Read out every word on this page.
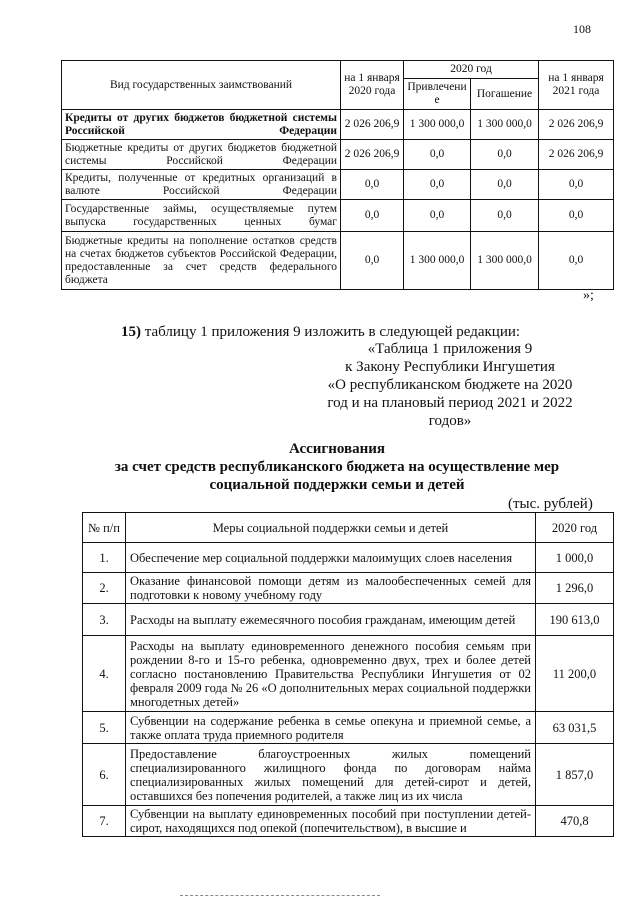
108
Вид государственных заимствований	на 1 января 2020 года	2020 год		на 1 января 2021 года
		Привлечение	Погашение	
Кредиты от других бюджетов бюджетной системы Российской Федерации	2 026 206,9	1 300 000,0	1 300 000,0	2 026 206,9
Бюджетные кредиты от других бюджетов бюджетной системы Российской Федерации	2 026 206,9	0,0	0,0	2 026 206,9
Кредиты, полученные от кредитных организаций в валюте Российской Федерации	0,0	0,0	0,0	0,0
Государственные займы, осуществляемые путем выпуска государственных ценных бумаг	0,0	0,0	0,0	0,0
Бюджетные кредиты на пополнение остатков средств на счетах бюджетов субъектов Российской Федерации, предоставленные за счет средств федерального бюджета	0,0	1 300 000,0	1 300 000,0	0,0
»;
15) таблицу 1 приложения 9 изложить в следующей редакции:
«Таблица 1 приложения 9
к Закону Республики Ингушетия
«О республиканском бюджете на 2020
год и на плановый период 2021 и 2022
годов»
Ассигнования
за счет средств республиканского бюджета на осуществление мер
социальной поддержки семьи и детей
(тыс. рублей)
№ п/п	Меры социальной поддержки семьи и детей	2020 год
1.	Обеспечение мер социальной поддержки малоимущих слоев населения	1 000,0
2.	Оказание финансовой помощи детям из малообеспеченных семей для подготовки к новому учебному году	1 296,0
3.	Расходы на выплату ежемесячного пособия гражданам, имеющим детей	190 613,0
4.	Расходы на выплату единовременного денежного пособия семьям при рождении 8-го и 15-го ребенка, одновременно двух, трех и более детей согласно постановлению Правительства Республики Ингушетия от 02 февраля 2009 года № 26 «О дополнительных мерах социальной поддержки многодетных детей»	11 200,0
5.	Субвенции на содержание ребенка в семье опекуна и приемной семье, а также оплата труда приемного родителя	63 031,5
6.	Предоставление благоустроенных жилых помещений специализированного жилищного фонда по договорам найма специализированных жилых помещений для детей-сирот и детей, оставшихся без попечения родителей, а также лиц из их числа	1 857,0
7.	Субвенции на выплату единовременных пособий при поступлении детей-сирот, находящихся под опекой (попечительством), в высшие и	470,8
